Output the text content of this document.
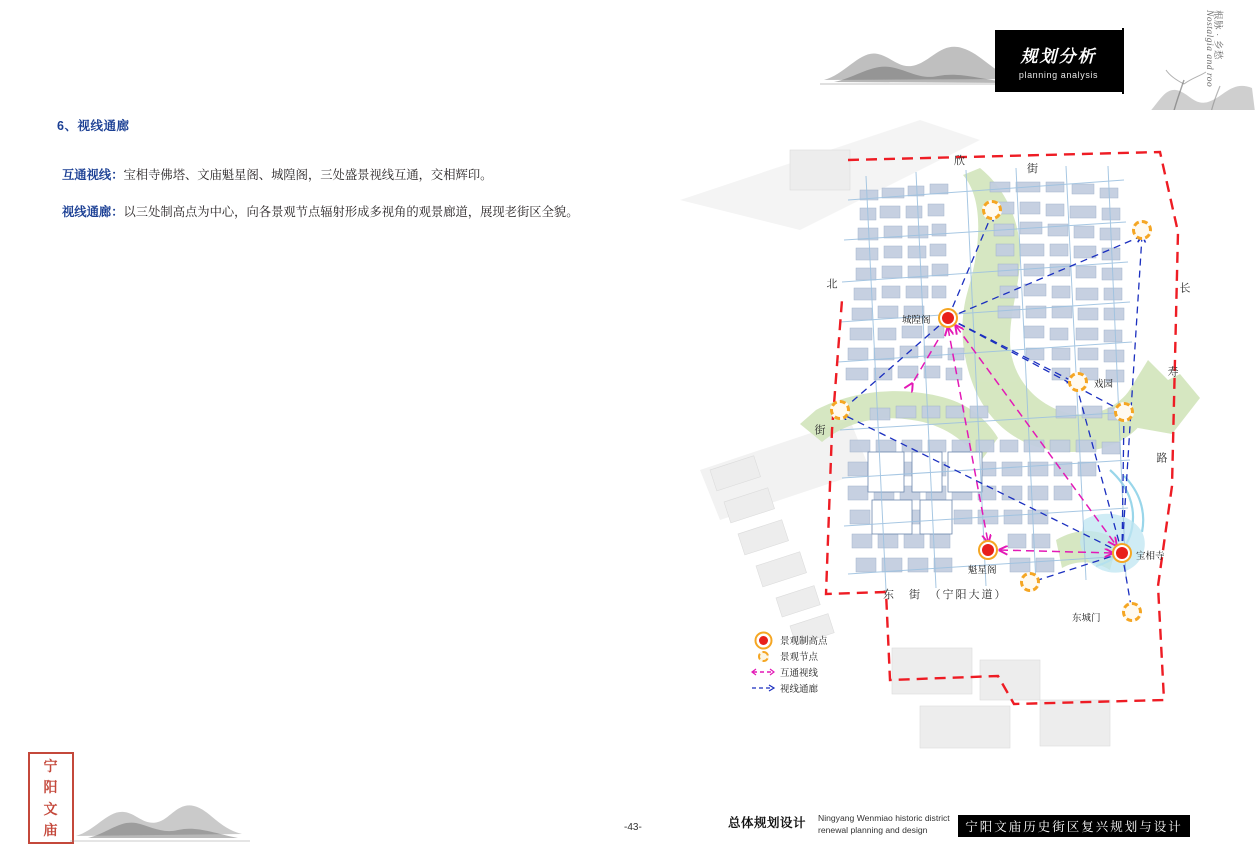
6、视线通廊
互通视线：宝相寺佛塔、文庙魁星阁、城隍阁，三处盛景视线互通，交相辉印。
视线通廊：以三处制高点为中心，向各景观节点辐射形成多视角的观景廊道，展现老街区全貌。
宁
阳
文
庙
规划分析
planning analysis
根脉 · 乡愁
Nostalgia and roo
城隍阁
戏园
魁星阁
宝相寺
东城门
欣
街
北
街
长
寿
路
东　街　（宁阳大道）
景观制高点
景观节点
互通视线
视线通廊
-43-	总体规划设计 Ningyang Wenmiao historic district renewal planning and design	宁阳文庙历史街区复兴规划与设计
